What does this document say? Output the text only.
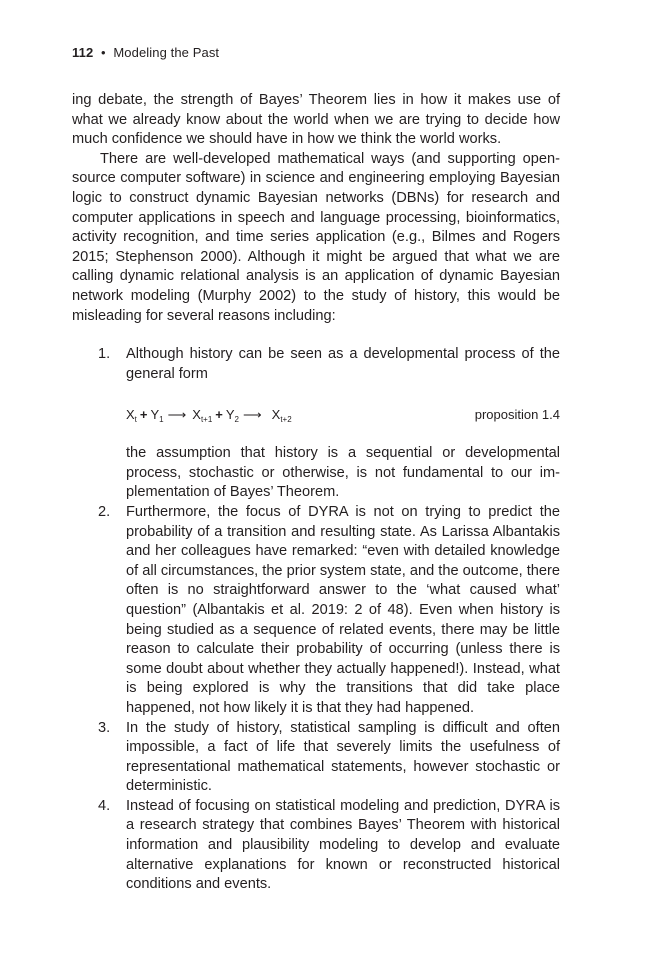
112 • Modeling the Past

ing debate, the strength of Bayes’ Theorem lies in how it makes use of what we already know about the world when we are trying to decide how much confidence we should have in how we think the world works.

There are well-developed mathematical ways (and supporting open-source computer software) in science and engineering employing Bayesian logic to construct dynamic Bayesian networks (DBNs) for research and computer applications in speech and language processing, bioinformatics, activity recognition, and time series application (e.g., Bilmes and Rogers 2015; Stephenson 2000). Although it might be argued that what we are calling dynamic relational analysis is an application of dynamic Bayesian network modeling (Murphy 2002) to the study of history, this would be misleading for several reasons including:

1. Although history can be seen as a developmental process of the general form

$X_t + Y_1$ ⟶ $X_{t+1} + Y_2$ ⟶ $X_{t+2}$	proposition 1.4

the assumption that history is a sequential or developmental process, stochastic or otherwise, is not fundamental to our implementation of Bayes’ Theorem.

2. Furthermore, the focus of DYRA is not on trying to predict the probability of a transition and resulting state. As Larissa Albantakis and her colleagues have remarked: “even with detailed knowledge of all circumstances, the prior system state, and the outcome, there often is no straightforward answer to the ‘what caused what’ question” (Albantakis et al. 2019: 2 of 48). Even when history is being studied as a sequence of related events, there may be little reason to calculate their probability of occurring (unless there is some doubt about whether they actually happened!). Instead, what is being explored is why the transitions that did take place happened, not how likely it is that they had happened.

3. In the study of history, statistical sampling is difficult and often impossible, a fact of life that severely limits the usefulness of representational mathematical statements, however stochastic or deterministic.

4. Instead of focusing on statistical modeling and prediction, DYRA is a research strategy that combines Bayes’ Theorem with historical information and plausibility modeling to develop and evaluate alternative explanations for known or reconstructed historical conditions and events.
